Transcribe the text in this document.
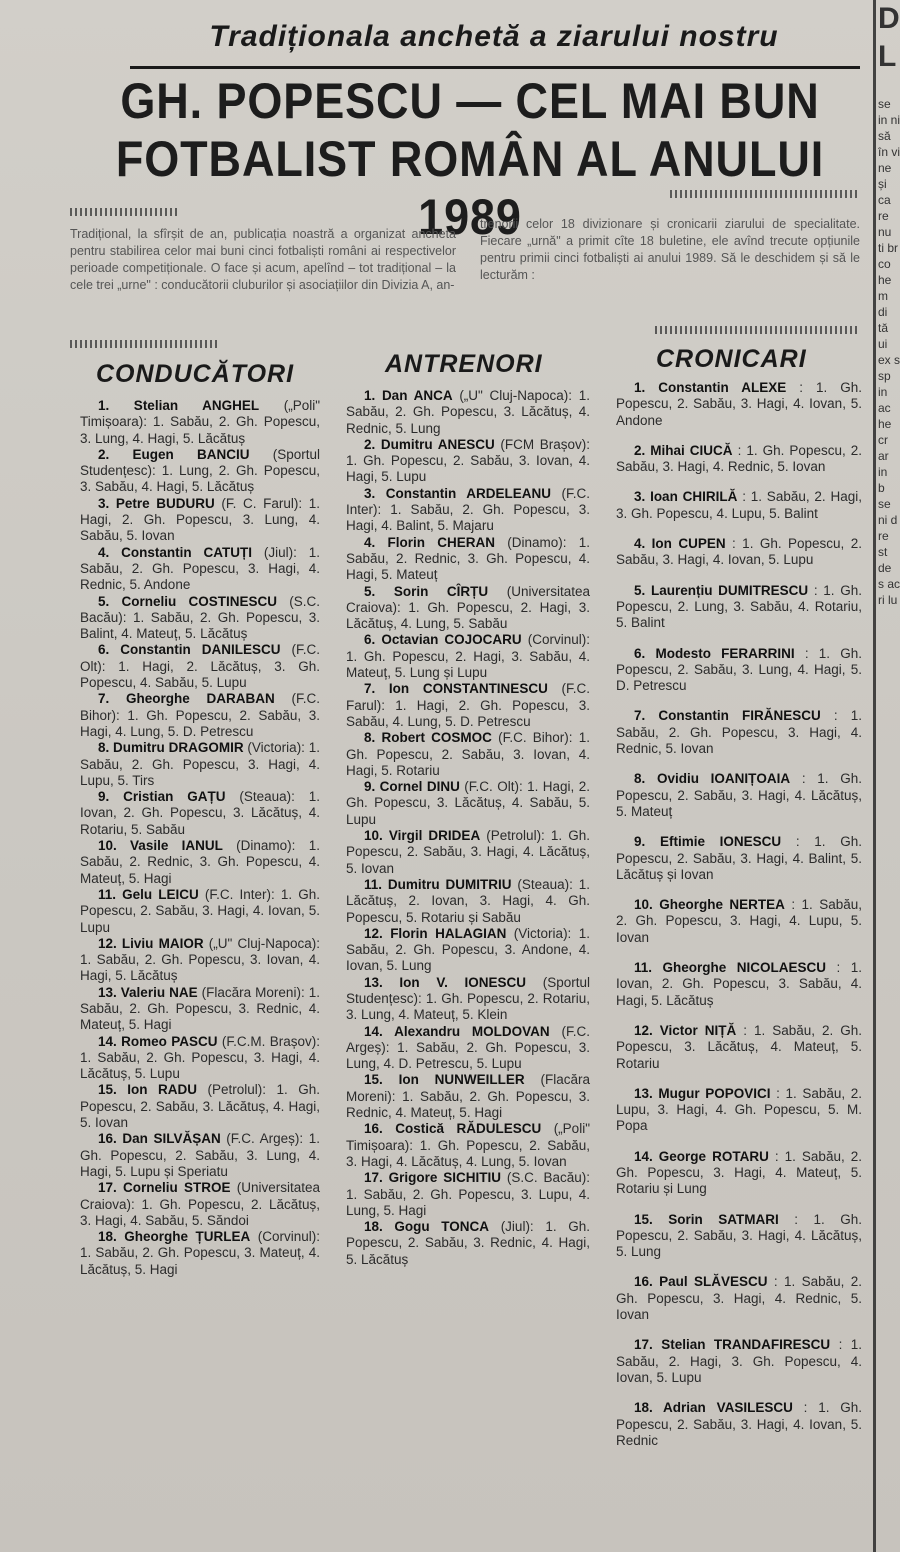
Tradiționala anchetă a ziarului nostru
GH. POPESCU — CEL MAI BUN
FOTBALIST ROMÂN AL ANULUI 1989
Tradițional, la sfîrșit de an, publicația noastră a organizat ancheta pentru stabilirea celor mai buni cinci fotbaliști români ai respectivelor perioade competiționale. O face și acum, apelînd – tot tradițional – la cele trei „urne" : conducătorii cluburilor și asociațiilor din Divizia A, an-
trenorii celor 18 divizionare și cronicarii ziarului de specialitate. Fiecare „urnă" a primit cîte 18 buletine, ele avînd trecute opțiunile pentru primii cinci fotbaliști ai anului 1989. Să le deschidem și să le lecturăm :
CONDUCĂTORI	ANTRENORI	CRONICARI
1. Stelian ANGHEL („Poli" Timișoara): 1. Sabău, 2. Gh. Popescu, 3. Lung, 4. Hagi, 5. Lăcătuș
2. Eugen BANCIU (Sportul Studențesc): 1. Lung, 2. Gh. Popescu, 3. Sabău, 4. Hagi, 5. Lăcătuș
3. Petre BUDURU (F. C. Farul): 1. Hagi, 2. Gh. Popescu, 3. Lung, 4. Sabău, 5. Iovan
4. Constantin CATUȚI (Jiul): 1. Sabău, 2. Gh. Popescu, 3. Hagi, 4. Rednic, 5. Andone
5. Corneliu COSTINESCU (S.C. Bacău): 1. Sabău, 2. Gh. Popescu, 3. Balint, 4. Mateuț, 5. Lăcătuș
6. Constantin DANILESCU (F.C. Olt): 1. Hagi, 2. Lăcătuș, 3. Gh. Popescu, 4. Sabău, 5. Lupu
7. Gheorghe DARABAN (F.C. Bihor): 1. Gh. Popescu, 2. Sabău, 3. Hagi, 4. Lung, 5. D. Petrescu
8. Dumitru DRAGOMIR (Victoria): 1. Sabău, 2. Gh. Popescu, 3. Hagi, 4. Lupu, 5. Tirs
9. Cristian GAȚU (Steaua): 1. Iovan, 2. Gh. Popescu, 3. Lăcătuș, 4. Rotariu, 5. Sabău
10. Vasile IANUL (Dinamo): 1. Sabău, 2. Rednic, 3. Gh. Popescu, 4. Mateuț, 5. Hagi
11. Gelu LEICU (F.C. Inter): 1. Gh. Popescu, 2. Sabău, 3. Hagi, 4. Iovan, 5. Lupu
12. Liviu MAIOR („U" Cluj-Napoca): 1. Sabău, 2. Gh. Popescu, 3. Iovan, 4. Hagi, 5. Lăcătuș
13. Valeriu NAE (Flacăra Moreni): 1. Sabău, 2. Gh. Popescu, 3. Rednic, 4. Mateuț, 5. Hagi
14. Romeo PASCU (F.C.M. Brașov): 1. Sabău, 2. Gh. Popescu, 3. Hagi, 4. Lăcătuș, 5. Lupu
15. Ion RADU (Petrolul): 1. Gh. Popescu, 2. Sabău, 3. Lăcătuș, 4. Hagi, 5. Iovan
16. Dan SILVĂȘAN (F.C. Argeș): 1. Gh. Popescu, 2. Sabău, 3. Lung, 4. Hagi, 5. Lupu și Speriatu
17. Corneliu STROE (Universitatea Craiova): 1. Gh. Popescu, 2. Lăcătuș, 3. Hagi, 4. Sabău, 5. Săndoi
18. Gheorghe ȚURLEA (Corvinul): 1. Sabău, 2. Gh. Popescu, 3. Mateuț, 4. Lăcătuș, 5. Hagi
1. Dan ANCA („U" Cluj-Napoca): 1. Sabău, 2. Gh. Popescu, 3. Lăcătuș, 4. Rednic, 5. Lung
2. Dumitru ANESCU (FCM Brașov): 1. Gh. Popescu, 2. Sabău, 3. Iovan, 4. Hagi, 5. Lupu
3. Constantin ARDELEANU (F.C. Inter): 1. Sabău, 2. Gh. Popescu, 3. Hagi, 4. Balint, 5. Majaru
4. Florin CHERAN (Dinamo): 1. Sabău, 2. Rednic, 3. Gh. Popescu, 4. Hagi, 5. Mateuț
5. Sorin CÎRȚU (Universitatea Craiova): 1. Gh. Popescu, 2. Hagi, 3. Lăcătuș, 4. Lung, 5. Sabău
6. Octavian COJOCARU (Corvinul): 1. Gh. Popescu, 2. Hagi, 3. Sabău, 4. Mateuț, 5. Lung și Lupu
7. Ion CONSTANTINESCU (F.C. Farul): 1. Hagi, 2. Gh. Popescu, 3. Sabău, 4. Lung, 5. D. Petrescu
8. Robert COSMOC (F.C. Bihor): 1. Gh. Popescu, 2. Sabău, 3. Iovan, 4. Hagi, 5. Rotariu
9. Cornel DINU (F.C. Olt): 1. Hagi, 2. Gh. Popescu, 3. Lăcătuș, 4. Sabău, 5. Lupu
10. Virgil DRIDEA (Petrolul): 1. Gh. Popescu, 2. Sabău, 3. Hagi, 4. Lăcătuș, 5. Iovan
11. Dumitru DUMITRIU (Steaua): 1. Lăcătuș, 2. Iovan, 3. Hagi, 4. Gh. Popescu, 5. Rotariu și Sabău
12. Florin HALAGIAN (Victoria): 1. Sabău, 2. Gh. Popescu, 3. Andone, 4. Iovan, 5. Lung
13. Ion V. IONESCU (Sportul Studențesc): 1. Gh. Popescu, 2. Rotariu, 3. Lung, 4. Mateuț, 5. Klein
14. Alexandru MOLDOVAN (F.C. Argeș): 1. Sabău, 2. Gh. Popescu, 3. Lung, 4. D. Petrescu, 5. Lupu
15. Ion NUNWEILLER (Flacăra Moreni): 1. Sabău, 2. Gh. Popescu, 3. Rednic, 4. Mateuț, 5. Hagi
16. Costică RĂDULESCU („Poli" Timișoara): 1. Gh. Popescu, 2. Sabău, 3. Hagi, 4. Lăcătuș, 4. Lung, 5. Iovan
17. Grigore SICHITIU (S.C. Bacău): 1. Sabău, 2. Gh. Popescu, 3. Lupu, 4. Lung, 5. Hagi
18. Gogu TONCA (Jiul): 1. Gh. Popescu, 2. Sabău, 3. Rednic, 4. Hagi, 5. Lăcătuș
1. Constantin ALEXE : 1. Gh. Popescu, 2. Sabău, 3. Hagi, 4. Iovan, 5. Andone
2. Mihai CIUCĂ : 1. Gh. Popescu, 2. Sabău, 3. Hagi, 4. Rednic, 5. Iovan
3. Ioan CHIRILĂ : 1. Sabău, 2. Hagi, 3. Gh. Popescu, 4. Lupu, 5. Balint
4. Ion CUPEN : 1. Gh. Popescu, 2. Sabău, 3. Hagi, 4. Iovan, 5. Lupu
5. Laurențiu DUMITRESCU : 1. Gh. Popescu, 2. Lung, 3. Sabău, 4. Rotariu, 5. Balint
6. Modesto FERARRINI : 1. Gh. Popescu, 2. Sabău, 3. Lung, 4. Hagi, 5. D. Petrescu
7. Constantin FIRĂNESCU : 1. Sabău, 2. Gh. Popescu, 3. Hagi, 4. Rednic, 5. Iovan
8. Ovidiu IOANIȚOAIA : 1. Gh. Popescu, 2. Sabău, 3. Hagi, 4. Lăcătuș, 5. Mateuț
9. Eftimie IONESCU : 1. Gh. Popescu, 2. Sabău, 3. Hagi, 4. Balint, 5. Lăcătuș și Iovan
10. Gheorghe NERTEA : 1. Sabău, 2. Gh. Popescu, 3. Hagi, 4. Lupu, 5. Iovan
11. Gheorghe NICOLAESCU : 1. Iovan, 2. Gh. Popescu, 3. Sabău, 4. Hagi, 5. Lăcătuș
12. Victor NIȚĂ : 1. Sabău, 2. Gh. Popescu, 3. Lăcătuș, 4. Mateuț, 5. Rotariu
13. Mugur POPOVICI : 1. Sabău, 2. Lupu, 3. Hagi, 4. Gh. Popescu, 5. M. Popa
14. George ROTARU : 1. Sabău, 2. Gh. Popescu, 3. Hagi, 4. Mateuț, 5. Rotariu și Lung
15. Sorin SATMARI : 1. Gh. Popescu, 2. Sabău, 3. Hagi, 4. Lăcătuș, 5. Lung
16. Paul SLĂVESCU : 1. Sabău, 2. Gh. Popescu, 3. Hagi, 4. Rednic, 5. Iovan
17. Stelian TRANDAFIRESCU : 1. Sabău, 2. Hagi, 3. Gh. Popescu, 4. Iovan, 5. Lupu
18. Adrian VASILESCU : 1. Gh. Popescu, 2. Sabău, 3. Hagi, 4. Iovan, 5. Rednic
D
L
se in ni să
în vi ne
și ca re nu ti br co he m di tă ui ex s sp in ac he cr ar in
b se ni d re st de s ac ri lu
